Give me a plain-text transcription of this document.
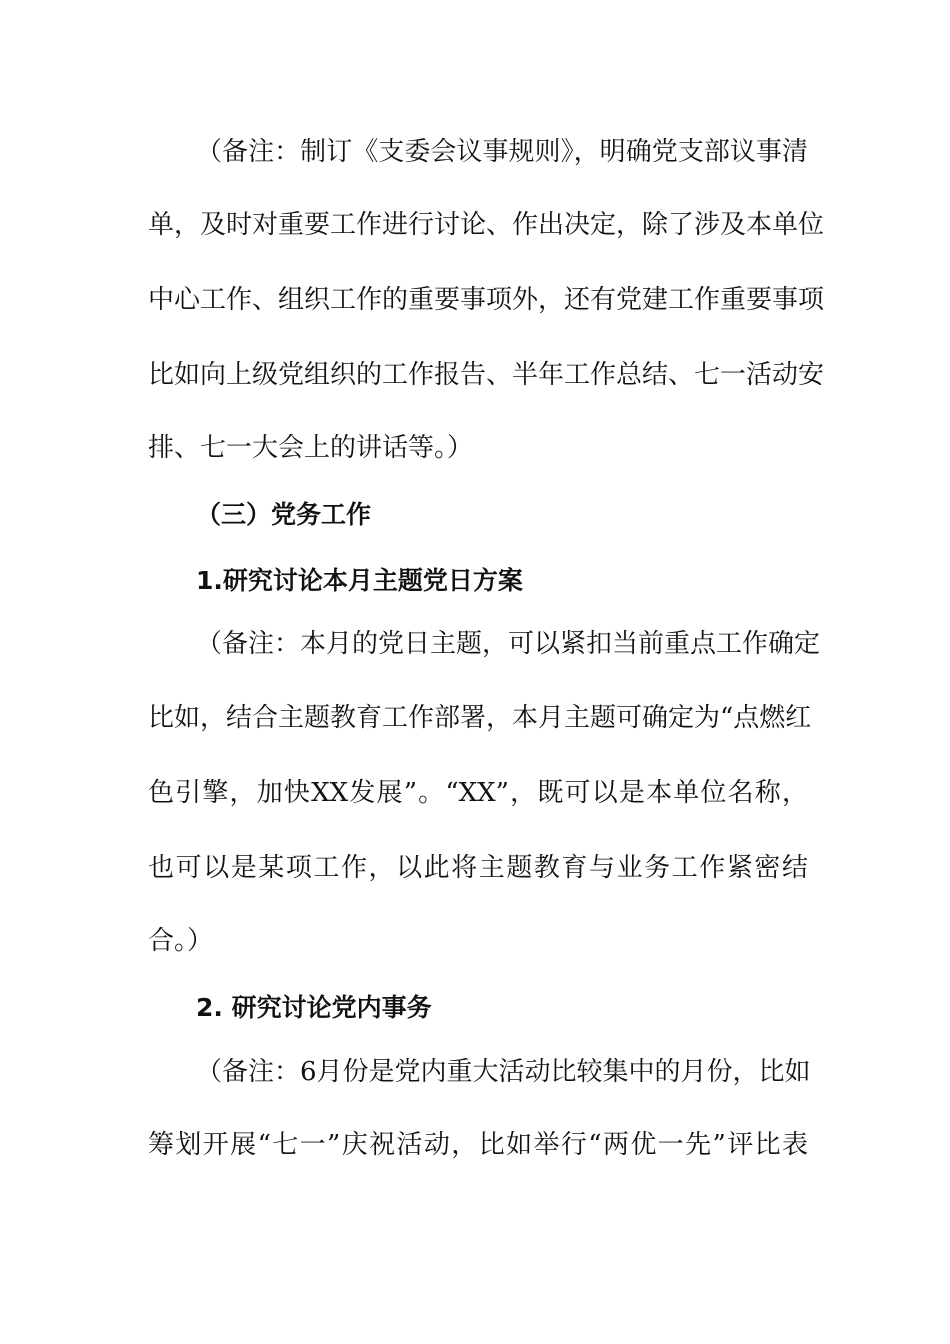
（备注：制订《支委会议事规则》，明确党支部议事清
单，及时对重要工作进行讨论、作出决定，除了涉及本单位
中心工作、组织工作的重要事项外，还有党建工作重要事项
比如向上级党组织的工作报告、半年工作总结、七一活动安
排、七一大会上的讲话等。）
（三）党务工作
1.研究讨论本月主题党日方案
（备注：本月的党日主题，可以紧扣当前重点工作确定
比如，结合主题教育工作部署，本月主题可确定为“点燃红
色引擎，加快XX发展”。“XX”，既可以是本单位名称，
也可以是某项工作，以此将主题教育与业务工作紧密结
合。）
2. 研究讨论党内事务
（备注：6月份是党内重大活动比较集中的月份，比如
筹划开展“七一”庆祝活动，比如举行“两优一先”评比表
